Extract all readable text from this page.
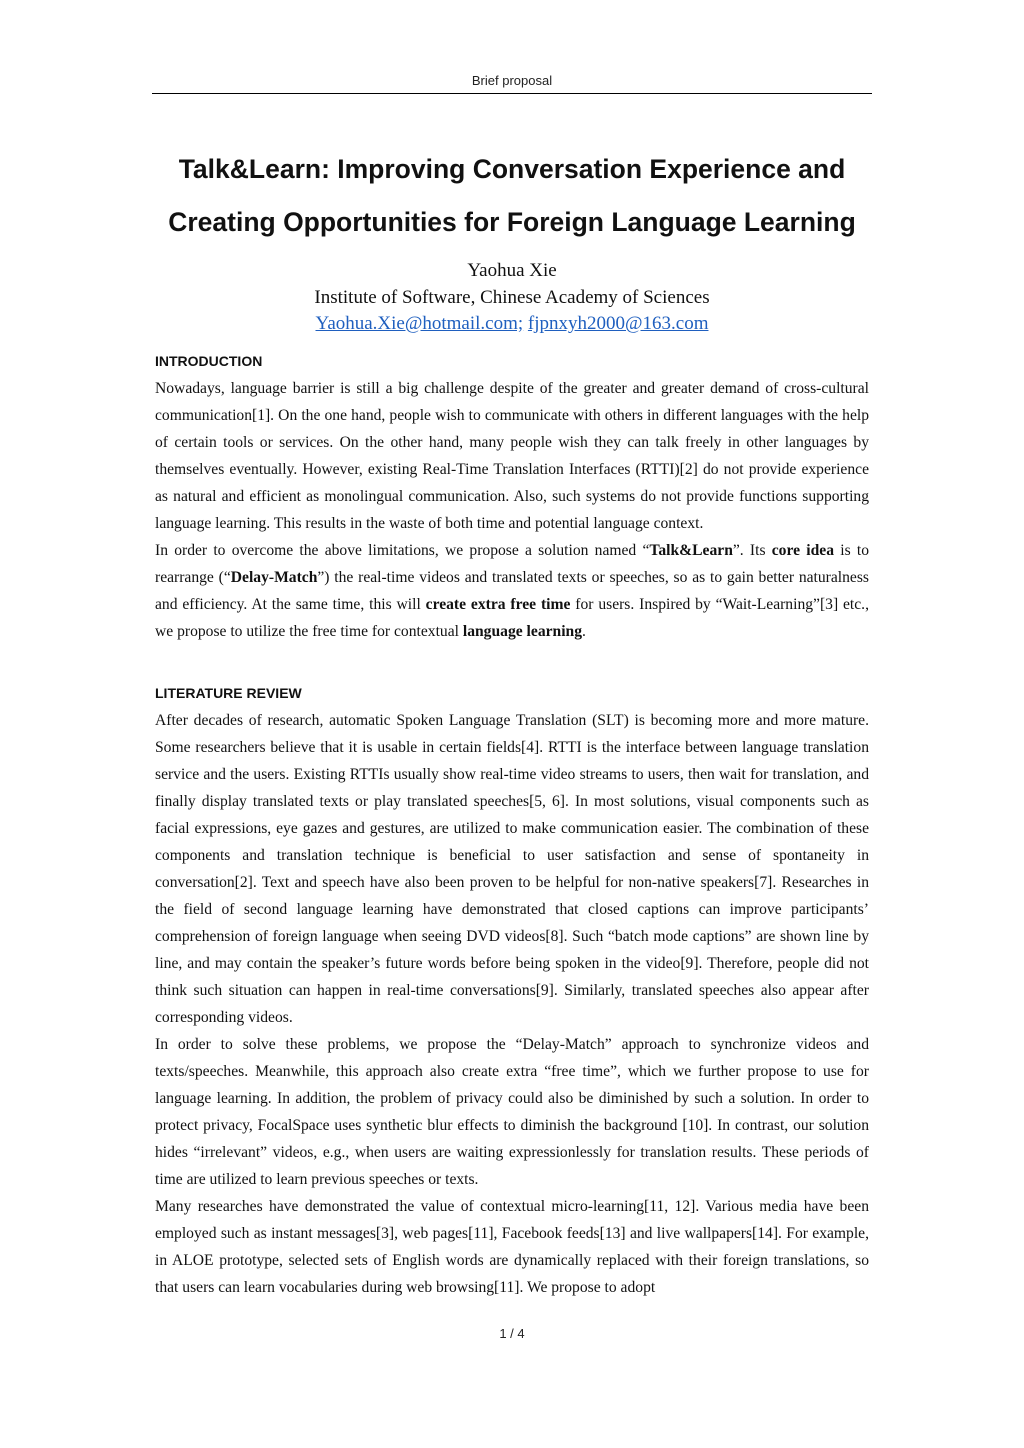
Brief proposal
Talk&Learn: Improving Conversation Experience and
Creating Opportunities for Foreign Language Learning
Yaohua Xie
Institute of Software, Chinese Academy of Sciences
Yaohua.Xie@hotmail.com; fjpnxyh2000@163.com
INTRODUCTION

Nowadays, language barrier is still a big challenge despite of the greater and greater demand of cross-cultural communication[1]. On the one hand, people wish to communicate with others in different languages with the help of certain tools or services. On the other hand, many people wish they can talk freely in other languages by themselves eventually. However, existing Real-Time Translation Interfaces (RTTI)[2] do not provide experience as natural and efficient as monolingual communication. Also, such systems do not provide functions supporting language learning. This results in the waste of both time and potential language context.

In order to overcome the above limitations, we propose a solution named “Talk&Learn”. Its core idea is to rearrange (“Delay-Match”) the real-time videos and translated texts or speeches, so as to gain better naturalness and efficiency. At the same time, this will create extra free time for users. Inspired by “Wait-Learning”[3] etc., we propose to utilize the free time for contextual language learning.

LITERATURE REVIEW

After decades of research, automatic Spoken Language Translation (SLT) is becoming more and more mature. Some researchers believe that it is usable in certain fields[4]. RTTI is the interface between language translation service and the users. Existing RTTIs usually show real-time video streams to users, then wait for translation, and finally display translated texts or play translated speeches[5, 6]. In most solutions, visual components such as facial expressions, eye gazes and gestures, are utilized to make communication easier. The combination of these components and translation technique is beneficial to user satisfaction and sense of spontaneity in conversation[2]. Text and speech have also been proven to be helpful for non-native speakers[7]. Researches in the field of second language learning have demonstrated that closed captions can improve participants’ comprehension of foreign language when seeing DVD videos[8]. Such “batch mode captions” are shown line by line, and may contain the speaker’s future words before being spoken in the video[9]. Therefore, people did not think such situation can happen in real-time conversations[9]. Similarly, translated speeches also appear after corresponding videos.

In order to solve these problems, we propose the “Delay-Match” approach to synchronize videos and texts/speeches. Meanwhile, this approach also create extra “free time”, which we further propose to use for language learning. In addition, the problem of privacy could also be diminished by such a solution. In order to protect privacy, FocalSpace uses synthetic blur effects to diminish the background [10]. In contrast, our solution hides “irrelevant” videos, e.g., when users are waiting expressionlessly for translation results. These periods of time are utilized to learn previous speeches or texts.

Many researches have demonstrated the value of contextual micro-learning[11, 12]. Various media have been employed such as instant messages[3], web pages[11], Facebook feeds[13] and live wallpapers[14]. For example, in ALOE prototype, selected sets of English words are dynamically replaced with their foreign translations, so that users can learn vocabularies during web browsing[11]. We propose to adopt

1 / 4
